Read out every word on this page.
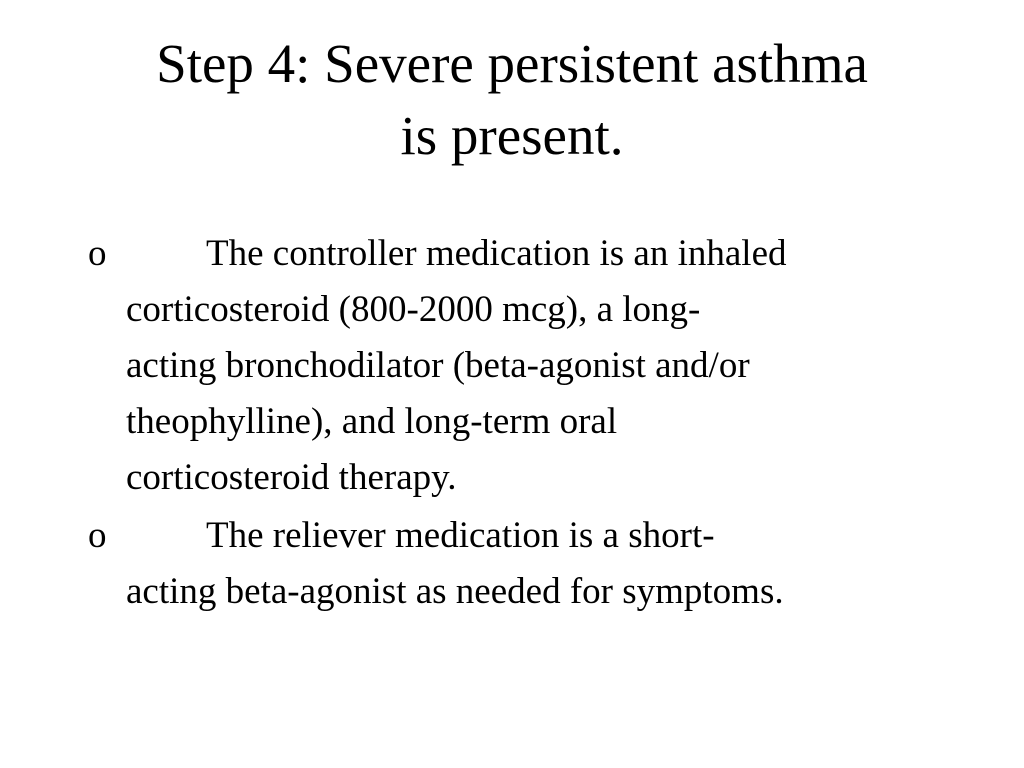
Step 4: Severe persistent asthma
is present.
o	The controller medication is an inhaled
corticosteroid (800-2000 mcg), a long-
acting bronchodilator (beta-agonist and/or
theophylline), and long-term oral
corticosteroid therapy.
o	The reliever medication is a short-
acting beta-agonist as needed for symptoms.
